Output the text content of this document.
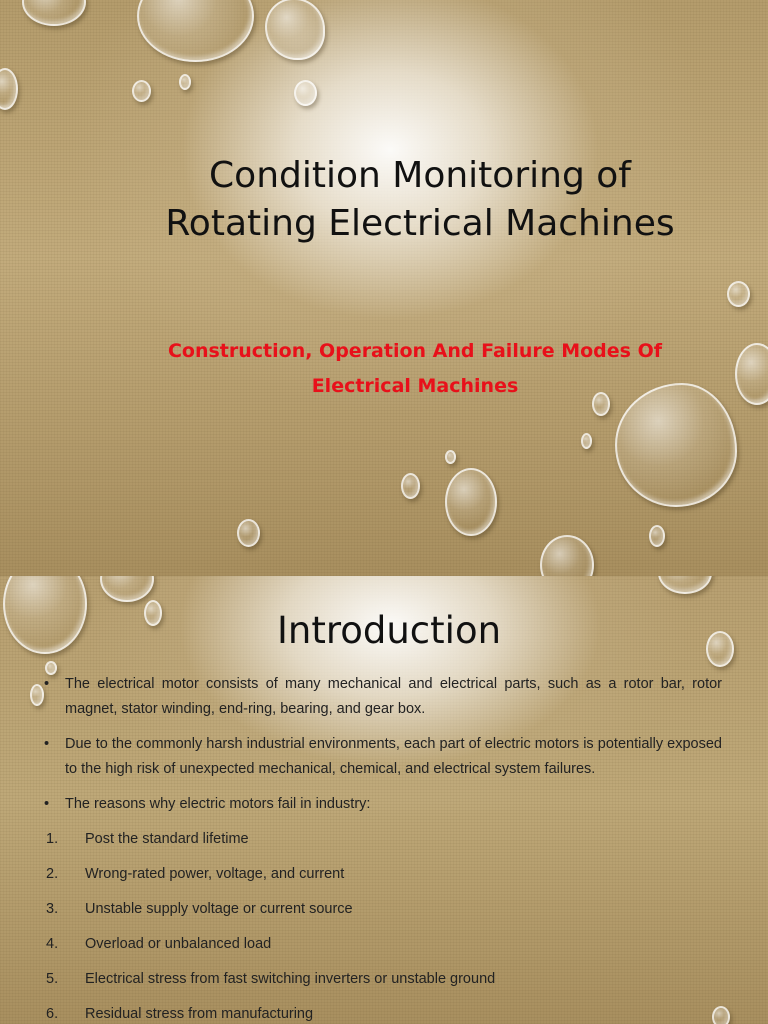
Condition Monitoring of
Rotating Electrical Machines
Construction, Operation And Failure Modes Of
Electrical Machines
Introduction
• The electrical motor consists of many mechanical and electrical parts, such as a rotor bar, rotor magnet, stator winding, end-ring, bearing, and gear box.
• Due to the commonly harsh industrial environments, each part of electric motors is potentially exposed to the high risk of unexpected mechanical, chemical, and electrical system failures.
• The reasons why electric motors fail in industry:
1. Post the standard lifetime
2. Wrong-rated power, voltage, and current
3. Unstable supply voltage or current source
4. Overload or unbalanced load
5. Electrical stress from fast switching inverters or unstable ground
6. Residual stress from manufacturing
